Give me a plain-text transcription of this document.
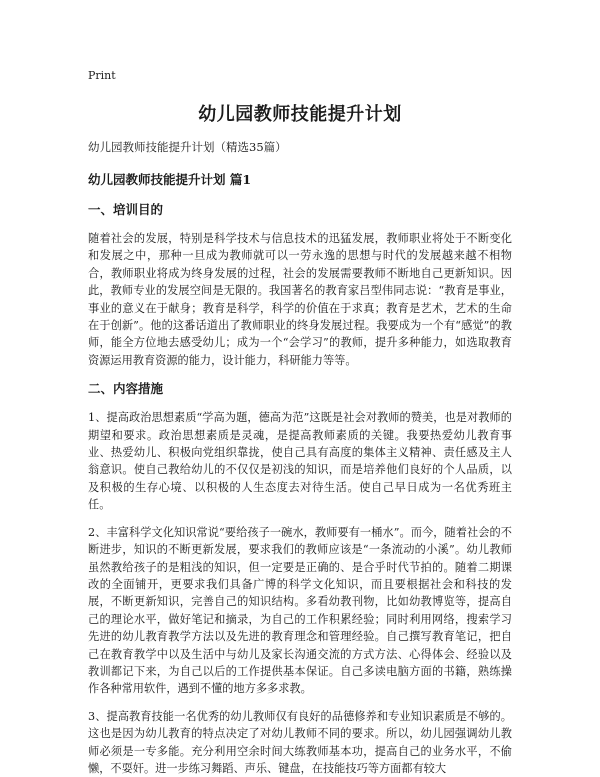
Print

幼儿园教师技能提升计划

幼儿园教师技能提升计划（精选35篇）

幼儿园教师技能提升计划 篇1
一、培训目的

随着社会的发展，特别是科学技术与信息技术的迅猛发展，教师职业将处于不断变化和发展之中，那种一旦成为教师就可以一劳永逸的思想与时代的发展越来越不相物合，教师职业将成为终身发展的过程，社会的发展需要教师不断地自己更新知识。因此，教师专业的发展空间是无限的。我国著名的教育家吕型伟同志说：“教育是事业，事业的意义在于献身；教育是科学，科学的价值在于求真；教育是艺术，艺术的生命在于创新”。他的这番话道出了教师职业的终身发展过程。我要成为一个有“感觉”的教师，能全方位地去感受幼儿；成为一个“会学习”的教师，提升多种能力，如选取教育资源运用教育资源的能力，设计能力，科研能力等等。

二、内容措施

1、提高政治思想素质“学高为题，德高为范”这既是社会对教师的赞美，也是对教师的期望和要求。政治思想素质是灵魂，是提高教师素质的关键。我要热爱幼儿教育事业、热爱幼儿、积极向党组织靠拢，使自己具有高度的集体主义精神、责任感及主人翁意识。使自己教给幼儿的不仅仅是初浅的知识，而是培养他们良好的个人品质，以及积极的生存心境、以积极的人生态度去对待生活。使自己早日成为一名优秀班主任。

2、丰富科学文化知识常说“要给孩子一碗水，教师要有一桶水”。而今，随着社会的不断进步，知识的不断更新发展，要求我们的教师应该是“一条流动的小溪”。幼儿教师虽然教给孩子的是粗浅的知识，但一定要是正确的、是合乎时代节拍的。随着二期课改的全面铺开，更要求我们具备广博的科学文化知识，而且要根据社会和科技的发展，不断更新知识，完善自己的知识结构。多看幼教刊物，比如幼教博览等，提高自己的理论水平，做好笔记和摘录，为自己的工作积累经验；同时利用网络，搜索学习先进的幼儿教育教学方法以及先进的教育理念和管理经验。自己撰写教育笔记，把自己在教育教学中以及生活中与幼儿及家长沟通交流的方式方法、心得体会、经验以及教训都记下来，为自己以后的工作提供基本保证。自己多读电脑方面的书籍，熟练操作各种常用软件，遇到不懂的地方多多求教。

3、提高教育技能一名优秀的幼儿教师仅有良好的品德修养和专业知识素质是不够的。这也是因为幼儿教育的特点决定了对幼儿教师不同的要求。所以，幼儿园强调幼儿教师必须是一专多能。充分利用空余时间大练教师基本功，提高自己的业务水平，不偷懒，不耍奸。进一步练习舞蹈、声乐、键盘，在技能技巧等方面都有较大
